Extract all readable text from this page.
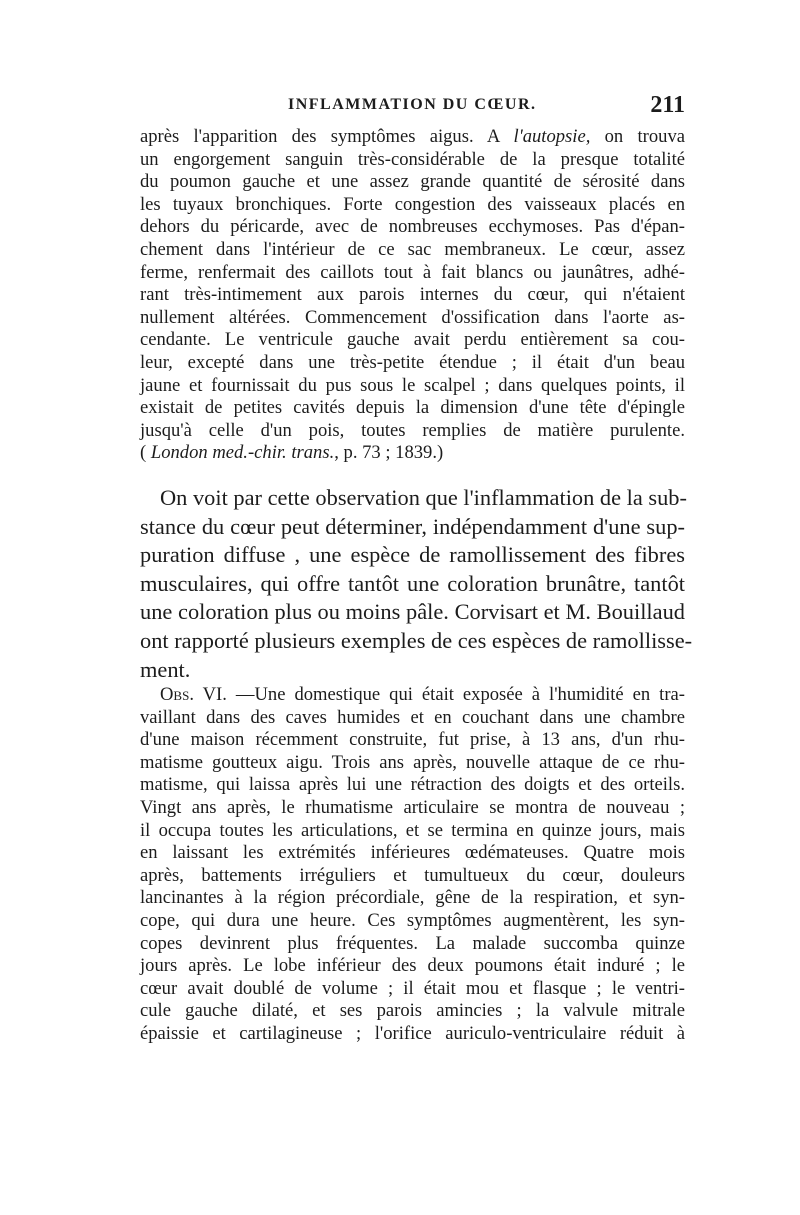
INFLAMMATION DU CŒUR.	211
après l'apparition des symptômes aigus. A l'autopsie, on trouva
un engorgement sanguin très-considérable de la presque totalité
du poumon gauche et une assez grande quantité de sérosité dans
les tuyaux bronchiques. Forte congestion des vaisseaux placés en
dehors du péricarde, avec de nombreuses ecchymoses. Pas d'épan-
chement dans l'intérieur de ce sac membraneux. Le cœur, assez
ferme, renfermait des caillots tout à fait blancs ou jaunâtres, adhé-
rant très-intimement aux parois internes du cœur, qui n'étaient
nullement altérées. Commencement d'ossification dans l'aorte as-
cendante. Le ventricule gauche avait perdu entièrement sa cou-
leur, excepté dans une très-petite étendue ; il était d'un beau
jaune et fournissait du pus sous le scalpel ; dans quelques points, il
existait de petites cavités depuis la dimension d'une tête d'épingle
jusqu'à celle d'un pois, toutes remplies de matière purulente.
( London med.-chir. trans., p. 73 ; 1839.)
On voit par cette observation que l'inflammation de la sub-
stance du cœur peut déterminer, indépendamment d'une sup-
puration diffuse , une espèce de ramollissement des fibres
musculaires, qui offre tantôt une coloration brunâtre, tantôt
une coloration plus ou moins pâle. Corvisart et M. Bouillaud
ont rapporté plusieurs exemples de ces espèces de ramollisse-
ment.
Obs. VI. —Une domestique qui était exposée à l'humidité en tra-
vaillant dans des caves humides et en couchant dans une chambre
d'une maison récemment construite, fut prise, à 13 ans, d'un rhu-
matisme goutteux aigu. Trois ans après, nouvelle attaque de ce rhu-
matisme, qui laissa après lui une rétraction des doigts et des orteils.
Vingt ans après, le rhumatisme articulaire se montra de nouveau ;
il occupa toutes les articulations, et se termina en quinze jours, mais
en laissant les extrémités inférieures œdémateuses. Quatre mois
après, battements irréguliers et tumultueux du cœur, douleurs
lancinantes à la région précordiale, gêne de la respiration, et syn-
cope, qui dura une heure. Ces symptômes augmentèrent, les syn-
copes devinrent plus fréquentes. La malade succomba quinze
jours après. Le lobe inférieur des deux poumons était induré ; le
cœur avait doublé de volume ; il était mou et flasque ; le ventri-
cule gauche dilaté, et ses parois amincies ; la valvule mitrale
épaissie et cartilagineuse ; l'orifice auriculo-ventriculaire réduit à
